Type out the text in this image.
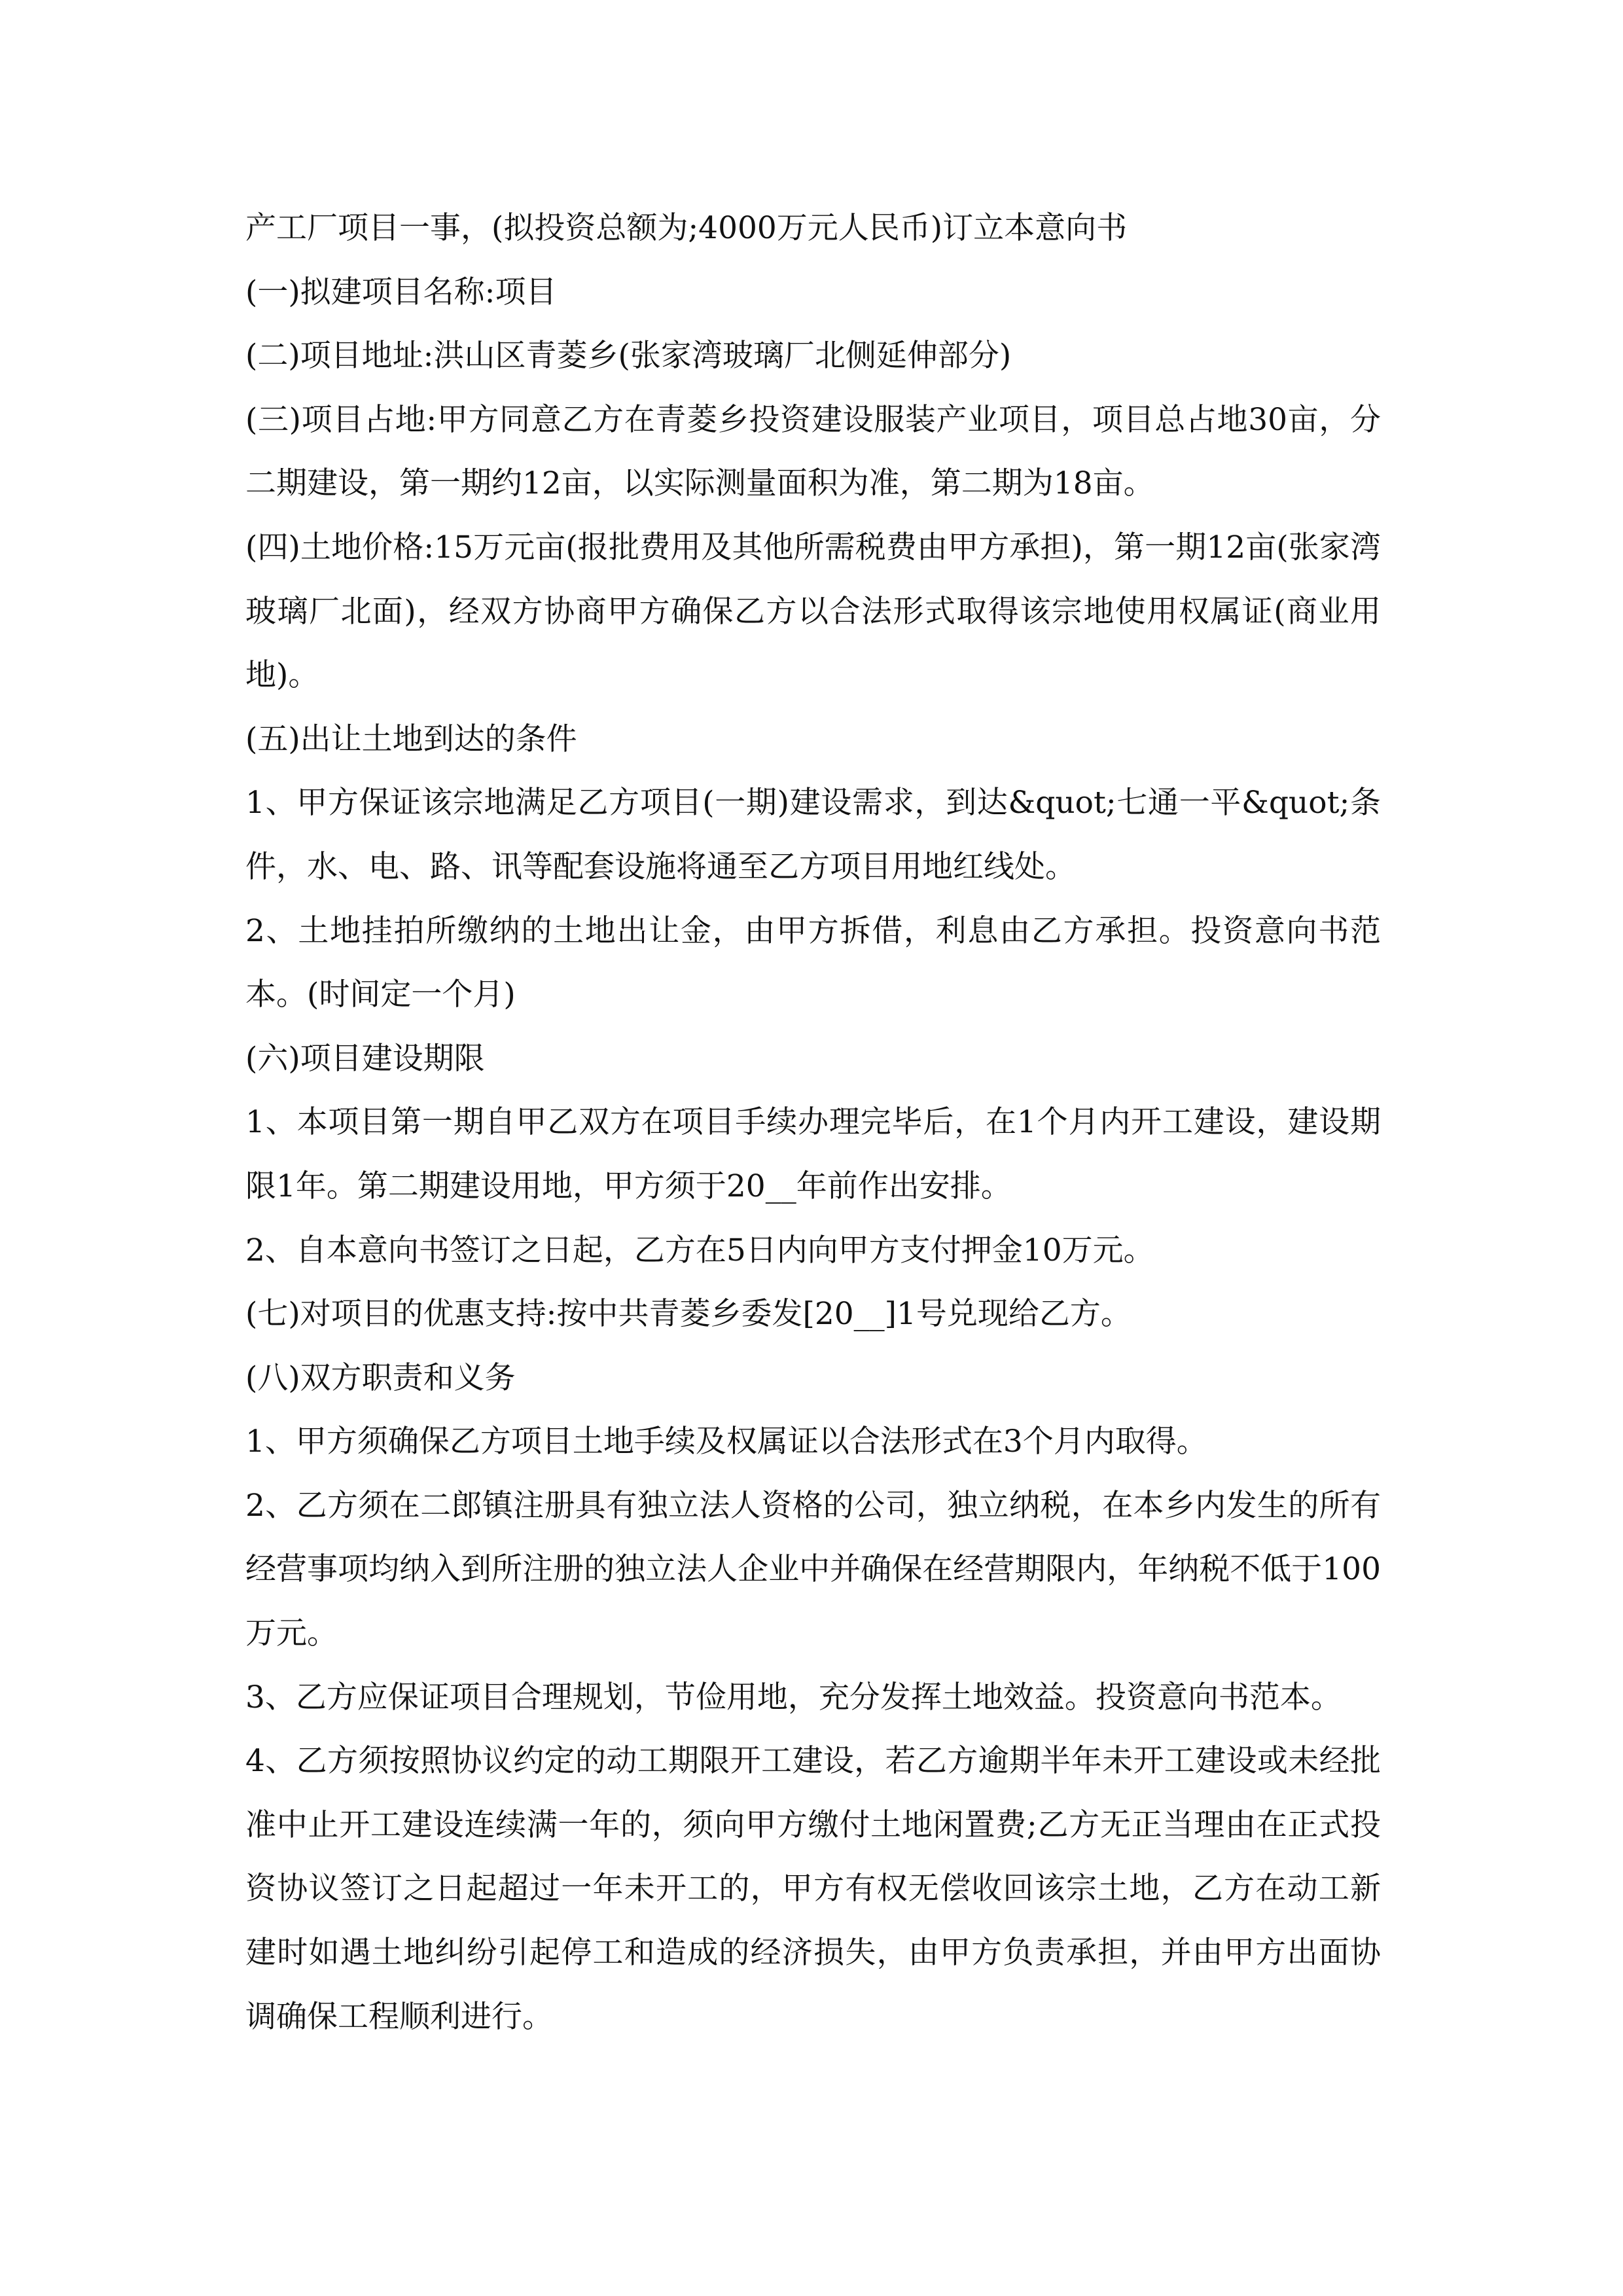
产工厂项目一事，(拟投资总额为;4000万元人民币)订立本意向书

(一)拟建项目名称:项目

(二)项目地址:洪山区青菱乡(张家湾玻璃厂北侧延伸部分)

(三)项目占地:甲方同意乙方在青菱乡投资建设服装产业项目，项目总占地30亩，分二期建设，第一期约12亩，以实际测量面积为准，第二期为18亩。

(四)土地价格:15万元亩(报批费用及其他所需税费由甲方承担)，第一期12亩(张家湾玻璃厂北面)，经双方协商甲方确保乙方以合法形式取得该宗地使用权属证(商业用地)。

(五)出让土地到达的条件

1、甲方保证该宗地满足乙方项目(一期)建设需求，到达&quot;七通一平&quot;条件，水、电、路、讯等配套设施将通至乙方项目用地红线处。

2、土地挂拍所缴纳的土地出让金，由甲方拆借，利息由乙方承担。投资意向书范本。(时间定一个月)

(六)项目建设期限

1、本项目第一期自甲乙双方在项目手续办理完毕后，在1个月内开工建设，建设期限1年。第二期建设用地，甲方须于20__年前作出安排。

2、自本意向书签订之日起，乙方在5日内向甲方支付押金10万元。

(七)对项目的优惠支持:按中共青菱乡委发[20__]1号兑现给乙方。

(八)双方职责和义务

1、甲方须确保乙方项目土地手续及权属证以合法形式在3个月内取得。

2、乙方须在二郎镇注册具有独立法人资格的公司，独立纳税，在本乡内发生的所有经营事项均纳入到所注册的独立法人企业中并确保在经营期限内，年纳税不低于100万元。

3、乙方应保证项目合理规划，节俭用地，充分发挥土地效益。投资意向书范本。

4、乙方须按照协议约定的动工期限开工建设，若乙方逾期半年未开工建设或未经批准中止开工建设连续满一年的，须向甲方缴付土地闲置费;乙方无正当理由在正式投资协议签订之日起超过一年未开工的，甲方有权无偿收回该宗土地，乙方在动工新建时如遇土地纠纷引起停工和造成的经济损失，由甲方负责承担，并由甲方出面协调确保工程顺利进行。
